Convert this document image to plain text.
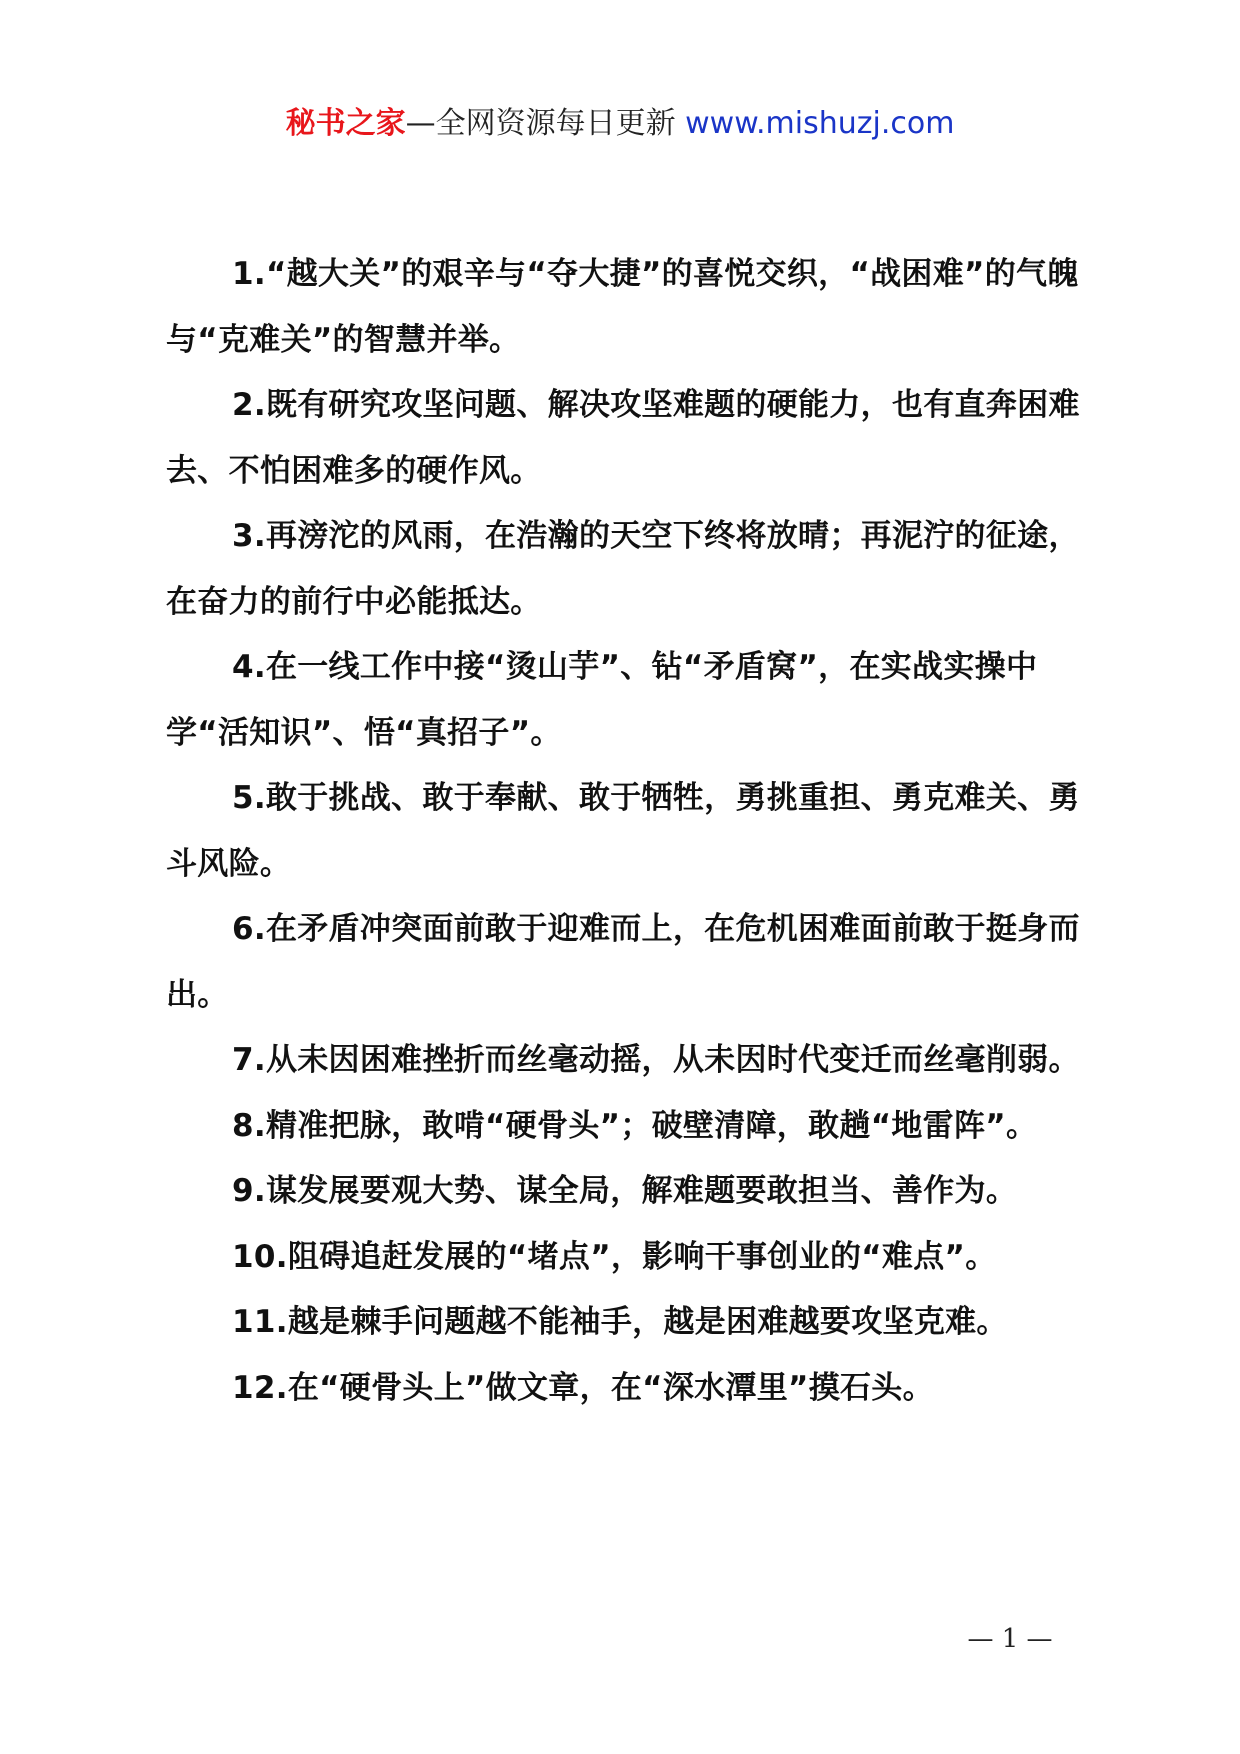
秘书之家—全网资源每日更新 www.mishuzj.com

1.“越大关”的艰辛与“夺大捷”的喜悦交织，“战困难”的气魄与“克难关”的智慧并举。

2.既有研究攻坚问题、解决攻坚难题的硬能力，也有直奔困难去、不怕困难多的硬作风。

3.再滂沱的风雨，在浩瀚的天空下终将放晴；再泥泞的征途，在奋力的前行中必能抵达。

4.在一线工作中接“烫山芋”、钻“矛盾窝”，在实战实操中学“活知识”、悟“真招子”。

5.敢于挑战、敢于奉献、敢于牺牲，勇挑重担、勇克难关、勇斗风险。

6.在矛盾冲突面前敢于迎难而上，在危机困难面前敢于挺身而出。

7.从未因困难挫折而丝毫动摇，从未因时代变迁而丝毫削弱。

8.精准把脉，敢啃“硬骨头”；破壁清障，敢趟“地雷阵”。

9.谋发展要观大势、谋全局，解难题要敢担当、善作为。

10.阻碍追赶发展的“堵点”，影响干事创业的“难点”。

11.越是棘手问题越不能袖手，越是困难越要攻坚克难。

12.在“硬骨头上”做文章，在“深水潭里”摸石头。

— 1 —
